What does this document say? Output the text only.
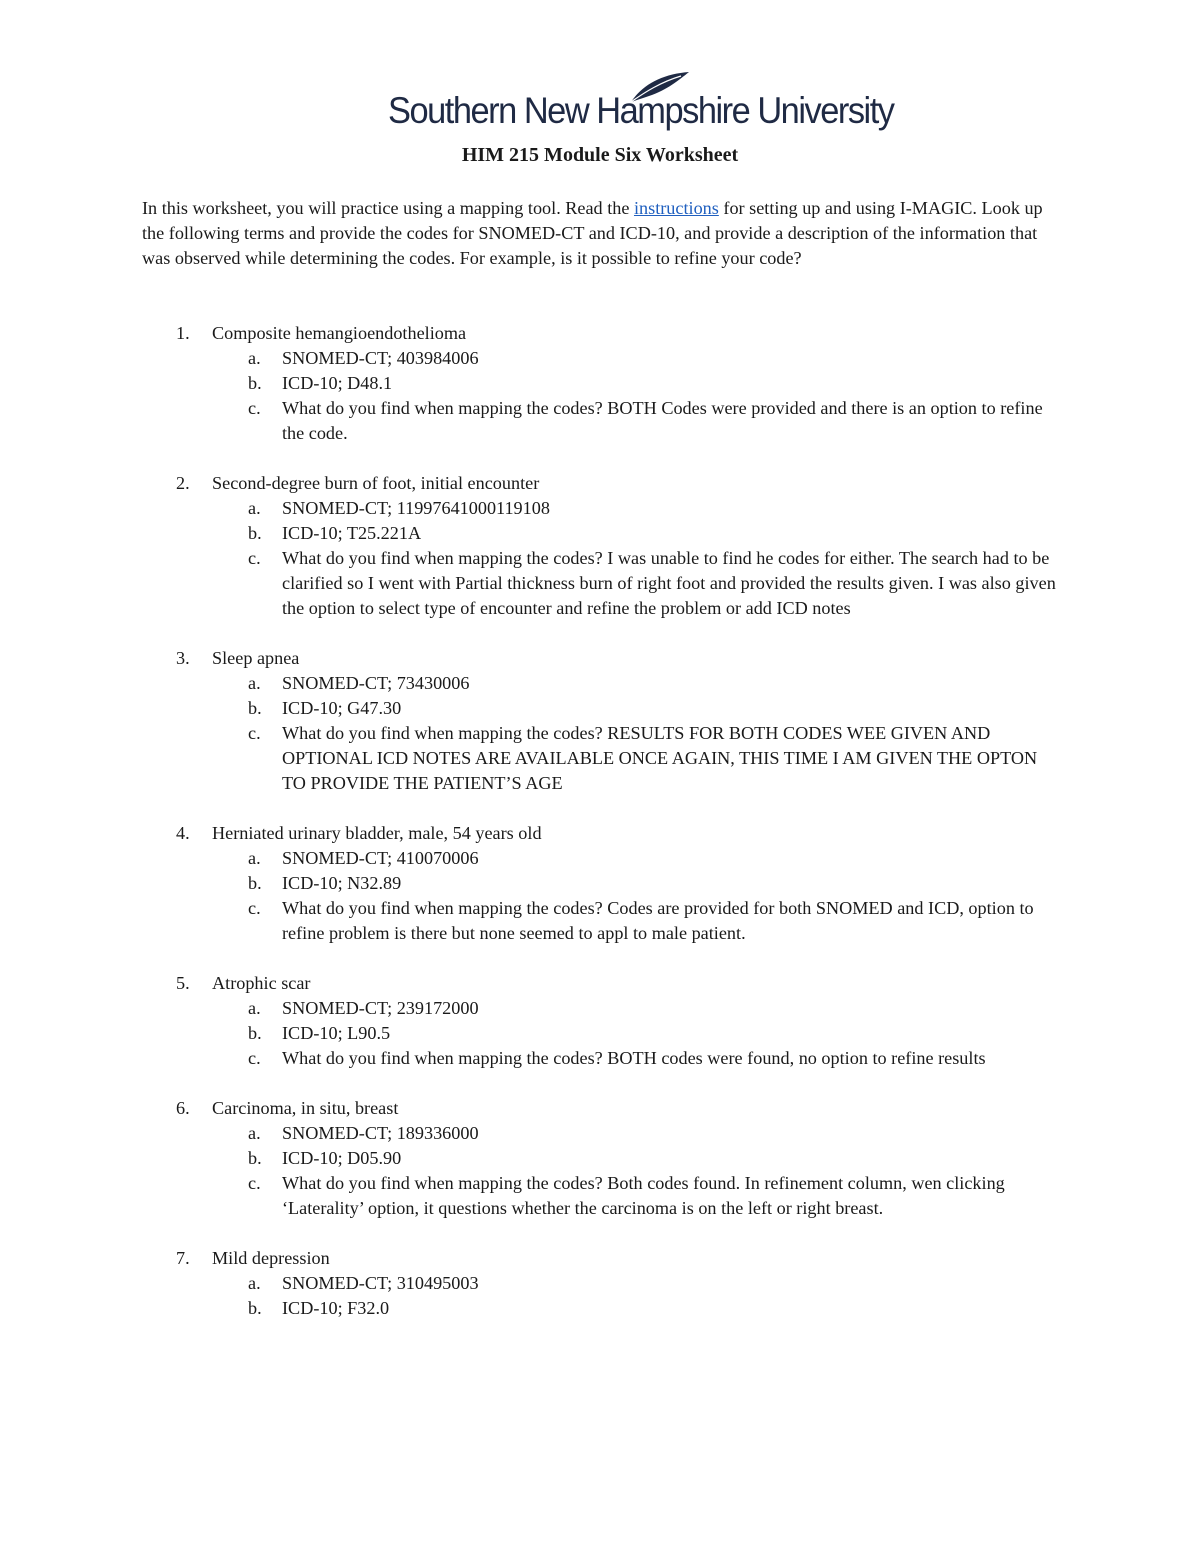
Southern New Hampshire University
HIM 215 Module Six Worksheet
In this worksheet, you will practice using a mapping tool. Read the instructions for setting up and using I-MAGIC. Look up the following terms and provide the codes for SNOMED-CT and ICD-10, and provide a description of the information that was observed while determining the codes. For example, is it possible to refine your code?
1. Composite hemangioendothelioma
a. SNOMED-CT; 403984006
b. ICD-10; D48.1
c. What do you find when mapping the codes? BOTH Codes were provided and there is an option to refine the code.
2. Second-degree burn of foot, initial encounter
a. SNOMED-CT; 11997641000119108
b. ICD-10; T25.221A
c. What do you find when mapping the codes? I was unable to find he codes for either. The search had to be clarified so I went with Partial thickness burn of right foot and provided the results given. I was also given the option to select type of encounter and refine the problem or add ICD notes
3. Sleep apnea
a. SNOMED-CT; 73430006
b. ICD-10; G47.30
c. What do you find when mapping the codes? RESULTS FOR BOTH CODES WEE GIVEN AND OPTIONAL ICD NOTES ARE AVAILABLE ONCE AGAIN, THIS TIME I AM GIVEN THE OPTON TO PROVIDE THE PATIENT’S AGE
4. Herniated urinary bladder, male, 54 years old
a. SNOMED-CT; 410070006
b. ICD-10; N32.89
c. What do you find when mapping the codes? Codes are provided for both SNOMED and ICD, option to refine problem is there but none seemed to appl to male patient.
5. Atrophic scar
a. SNOMED-CT; 239172000
b. ICD-10; L90.5
c. What do you find when mapping the codes? BOTH codes were found, no option to refine results
6. Carcinoma, in situ, breast
a. SNOMED-CT; 189336000
b. ICD-10; D05.90
c. What do you find when mapping the codes? Both codes found. In refinement column, wen clicking ‘Laterality’ option, it questions whether the carcinoma is on the left or right breast.
7. Mild depression
a. SNOMED-CT; 310495003
b. ICD-10; F32.0
